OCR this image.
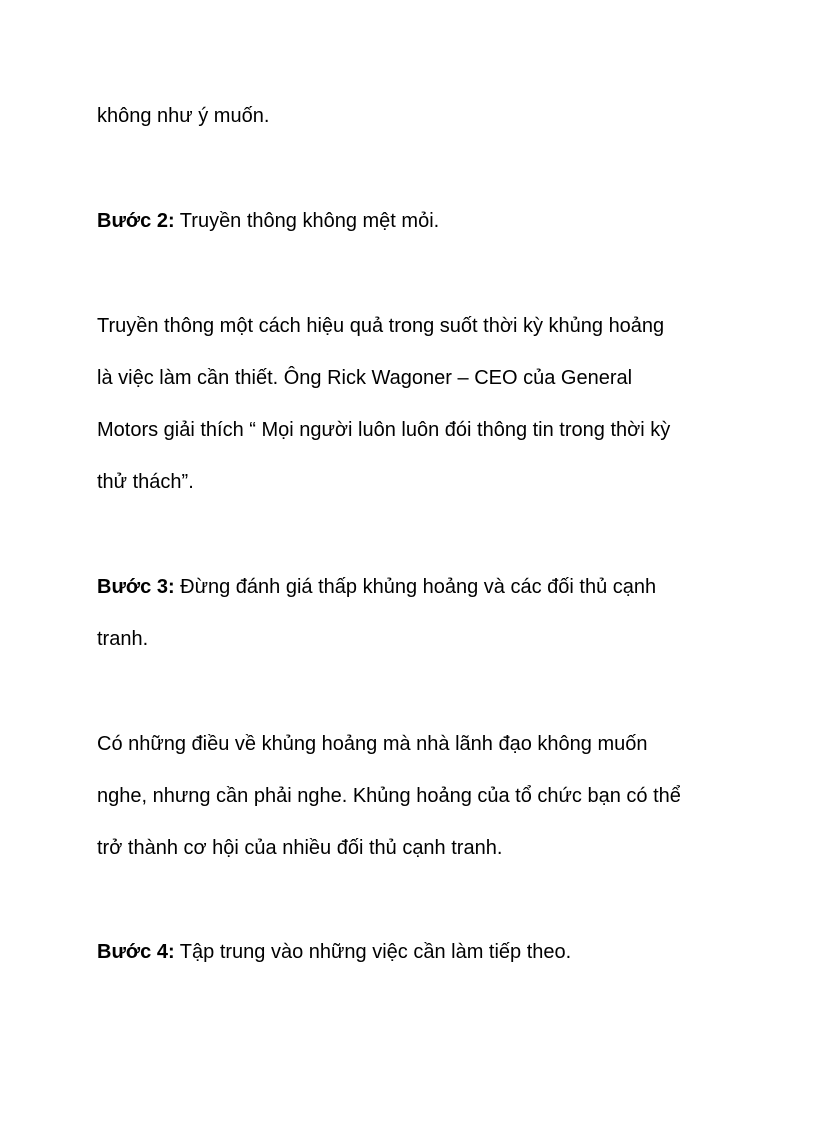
không như ý muốn.

Bước 2: Truyền thông không mệt mỏi.

Truyền thông một cách hiệu quả trong suốt thời kỳ khủng hoảng

là việc làm cần thiết. Ông Rick Wagoner – CEO của General

Motors giải thích “ Mọi người luôn luôn đói thông tin trong thời kỳ

thử thách”.

Bước 3: Đừng đánh giá thấp khủng hoảng và các đối thủ cạnh

tranh.

Có những điều về khủng hoảng mà nhà lãnh đạo không muốn

nghe, nhưng cần phải nghe. Khủng hoảng của tổ chức bạn có thể

trở thành cơ hội của nhiều đối thủ cạnh tranh.

Bước 4: Tập trung vào những việc cần làm tiếp theo.
